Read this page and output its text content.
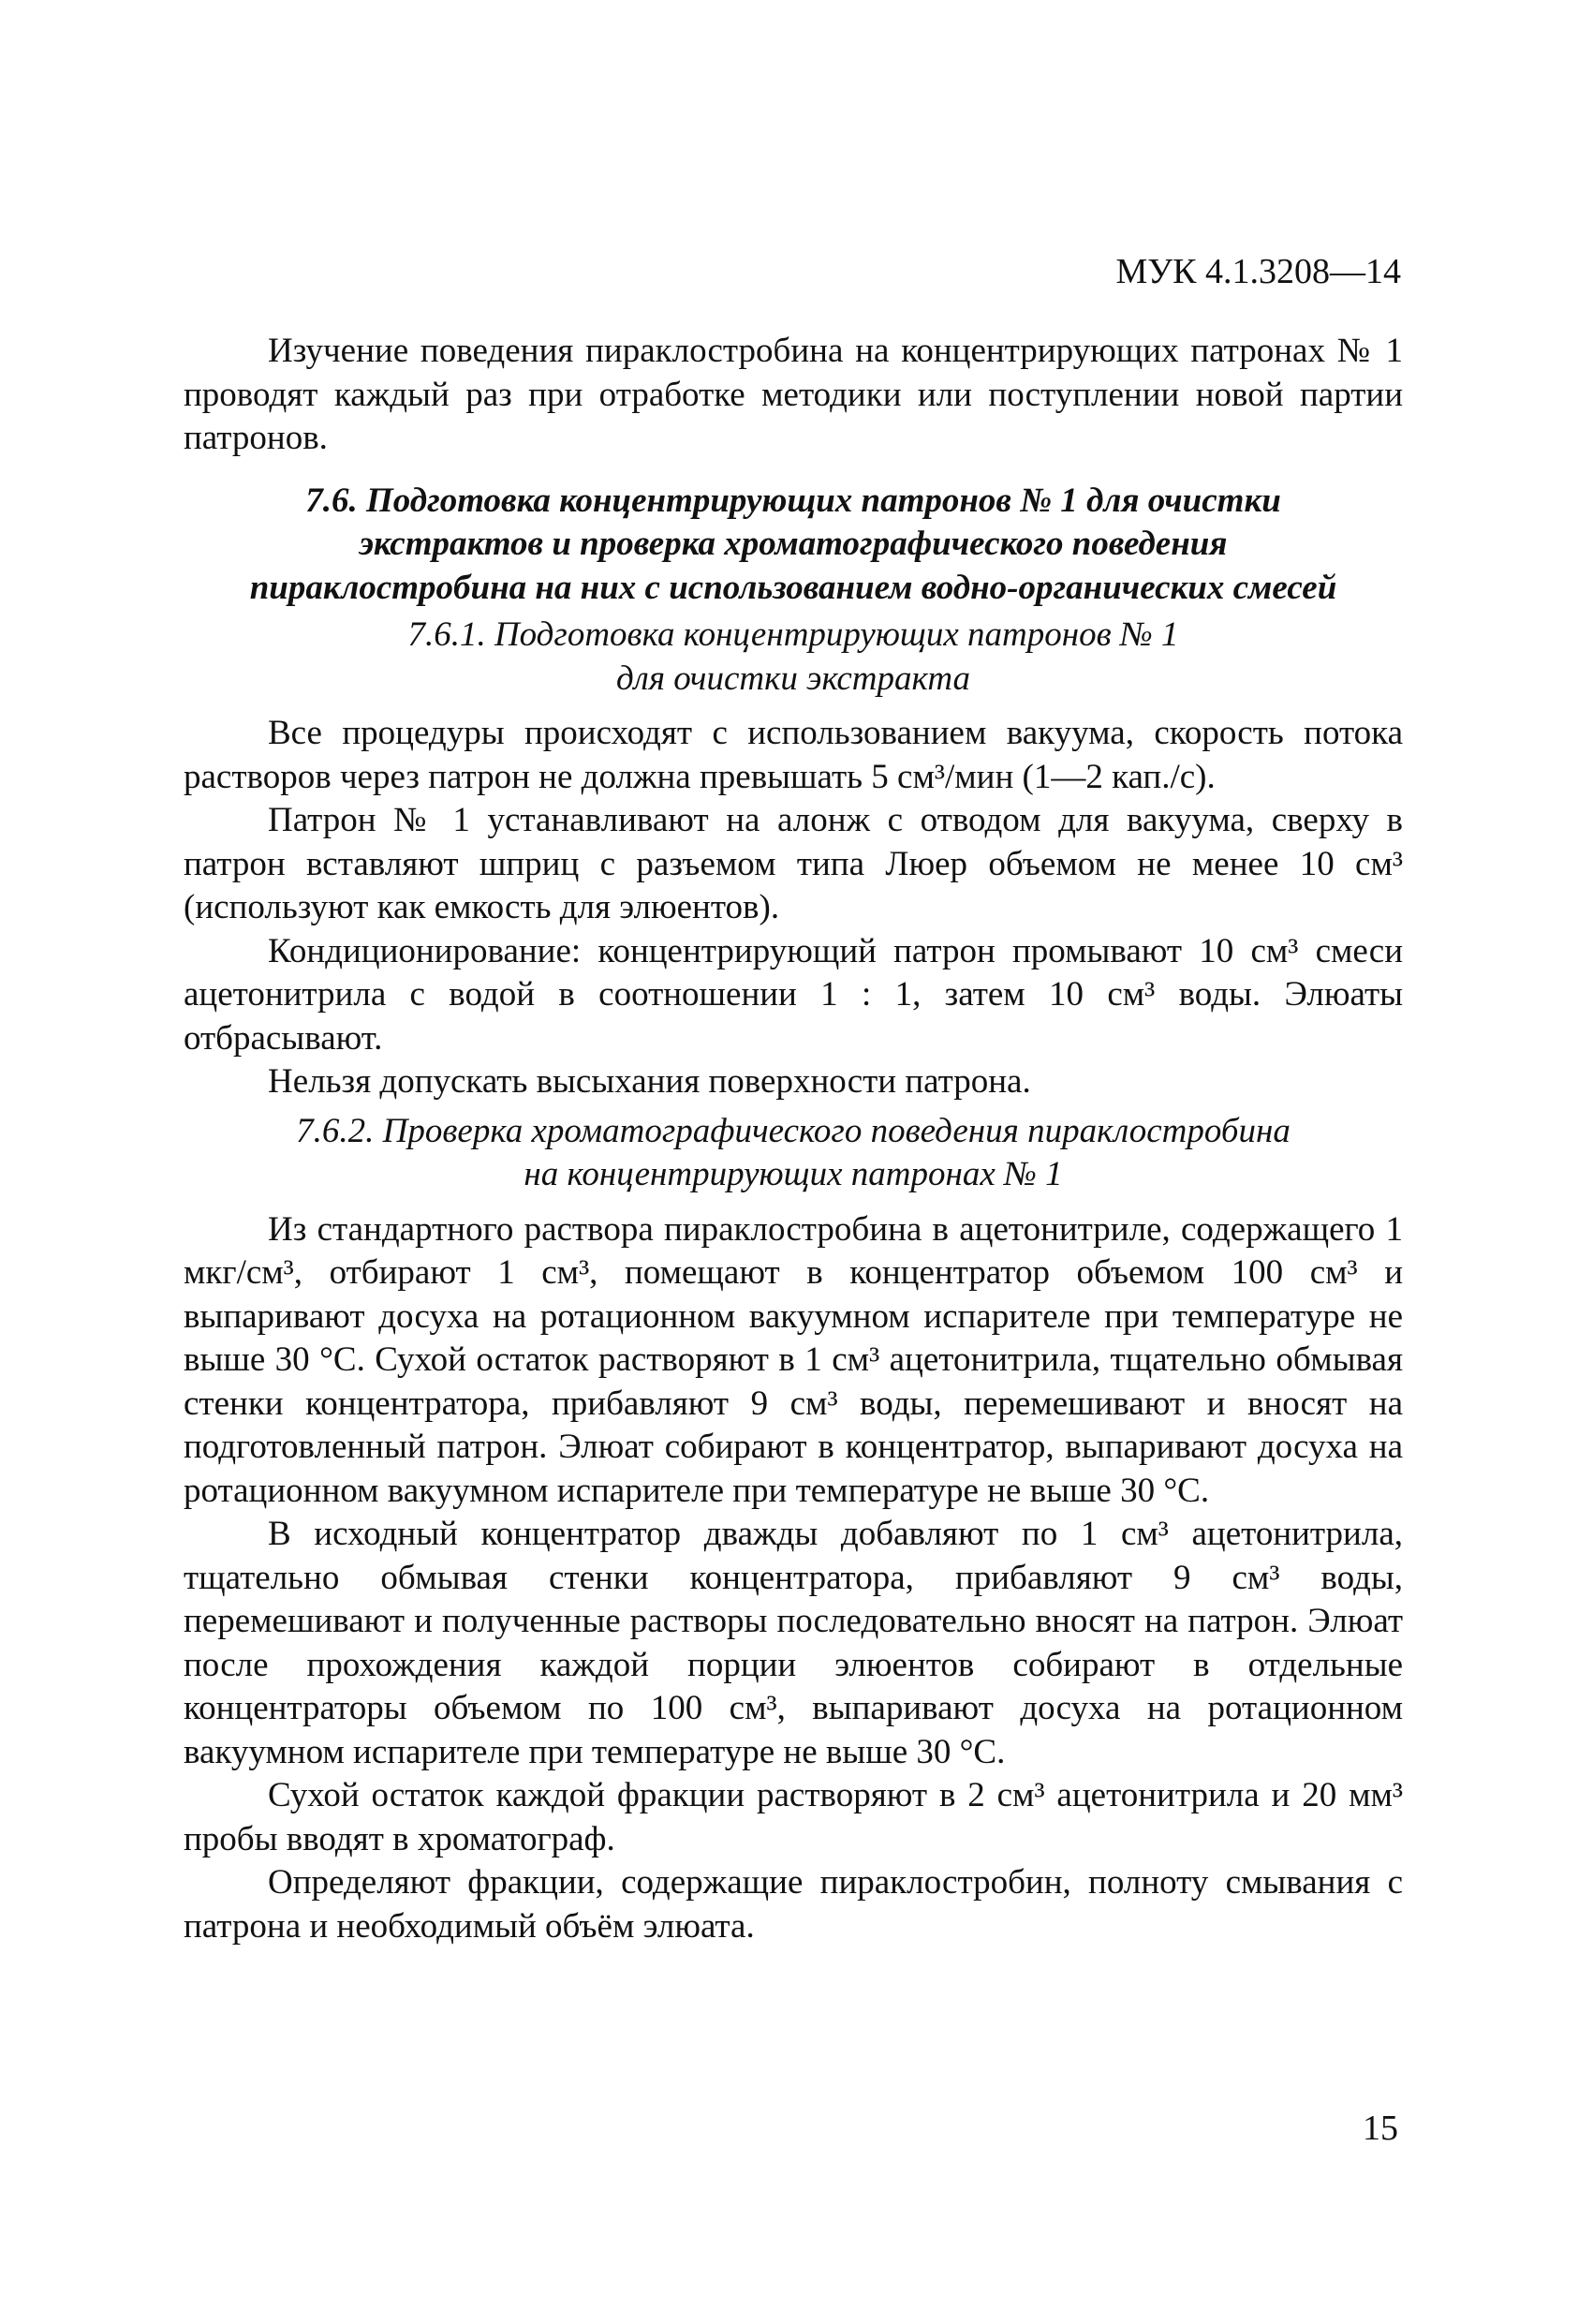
МУК 4.1.3208—14

Изучение поведения пираклостробина на концентрирующих патронах № 1 проводят каждый раз при отработке методики или поступлении новой партии патронов.

7.6. Подготовка концентрирующих патронов № 1 для очистки
экстрактов и проверка хроматографического поведения
пираклостробина на них с использованием водно-органических смесей
7.6.1. Подготовка концентрирующих патронов № 1
для очистки экстракта

Все процедуры происходят с использованием вакуума, скорость потока растворов через патрон не должна превышать 5 см³/мин (1—2 кап./с).

Патрон № 1 устанавливают на алонж с отводом для вакуума, сверху в патрон вставляют шприц с разъемом типа Люер объемом не менее 10 см³ (используют как емкость для элюентов).

Кондиционирование: концентрирующий патрон промывают 10 см³ смеси ацетонитрила с водой в соотношении 1 : 1, затем 10 см³ воды. Элюаты отбрасывают.

Нельзя допускать высыхания поверхности патрона.

7.6.2. Проверка хроматографического поведения пираклостробина
на концентрирующих патронах № 1

Из стандартного раствора пираклостробина в ацетонитриле, содержащего 1 мкг/см³, отбирают 1 см³, помещают в концентратор объемом 100 см³ и выпаривают досуха на ротационном вакуумном испарителе при температуре не выше 30 °С. Сухой остаток растворяют в 1 см³ ацетонитрила, тщательно обмывая стенки концентратора, прибавляют 9 см³ воды, перемешивают и вносят на подготовленный патрон. Элюат собирают в концентратор, выпаривают досуха на ротационном вакуумном испарителе при температуре не выше 30 °С.

В исходный концентратор дважды добавляют по 1 см³ ацетонитрила, тщательно обмывая стенки концентратора, прибавляют 9 см³ воды, перемешивают и полученные растворы последовательно вносят на патрон. Элюат после прохождения каждой порции элюентов собирают в отдельные концентраторы объемом по 100 см³, выпаривают досуха на ротационном вакуумном испарителе при температуре не выше 30 °С.

Сухой остаток каждой фракции растворяют в 2 см³ ацетонитрила и 20 мм³ пробы вводят в хроматограф.

Определяют фракции, содержащие пираклостробин, полноту смывания с патрона и необходимый объём элюата.

15
